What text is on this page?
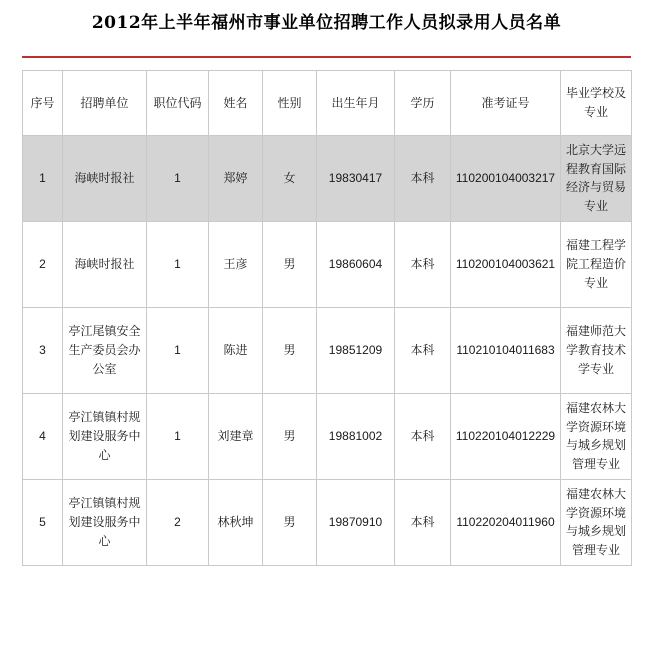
2012年上半年福州市事业单位招聘工作人员拟录用人员名单
序号	招聘单位	职位代码	姓名	性别	出生年月	学历	准考证号	毕业学校及专业
1	海峡时报社	1	郑婷	女	19830417	本科	110200104003217	北京大学远程教育国际经济与贸易专业
2	海峡时报社	1	王彦	男	19860604	本科	110200104003621	福建工程学院工程造价专业
3	亭江尾镇安全生产委员会办公室	1	陈进	男	19851209	本科	110210104011683	福建师范大学教育技术学专业
4	亭江镇镇村规划建设服务中心	1	刘建章	男	19881002	本科	110220104012229	福建农林大学资源环境与城乡规划管理专业
5	亭江镇镇村规划建设服务中心	2	林秋坤	男	19870910	本科	110220204011960	福建农林大学资源环境与城乡规划管理专业
